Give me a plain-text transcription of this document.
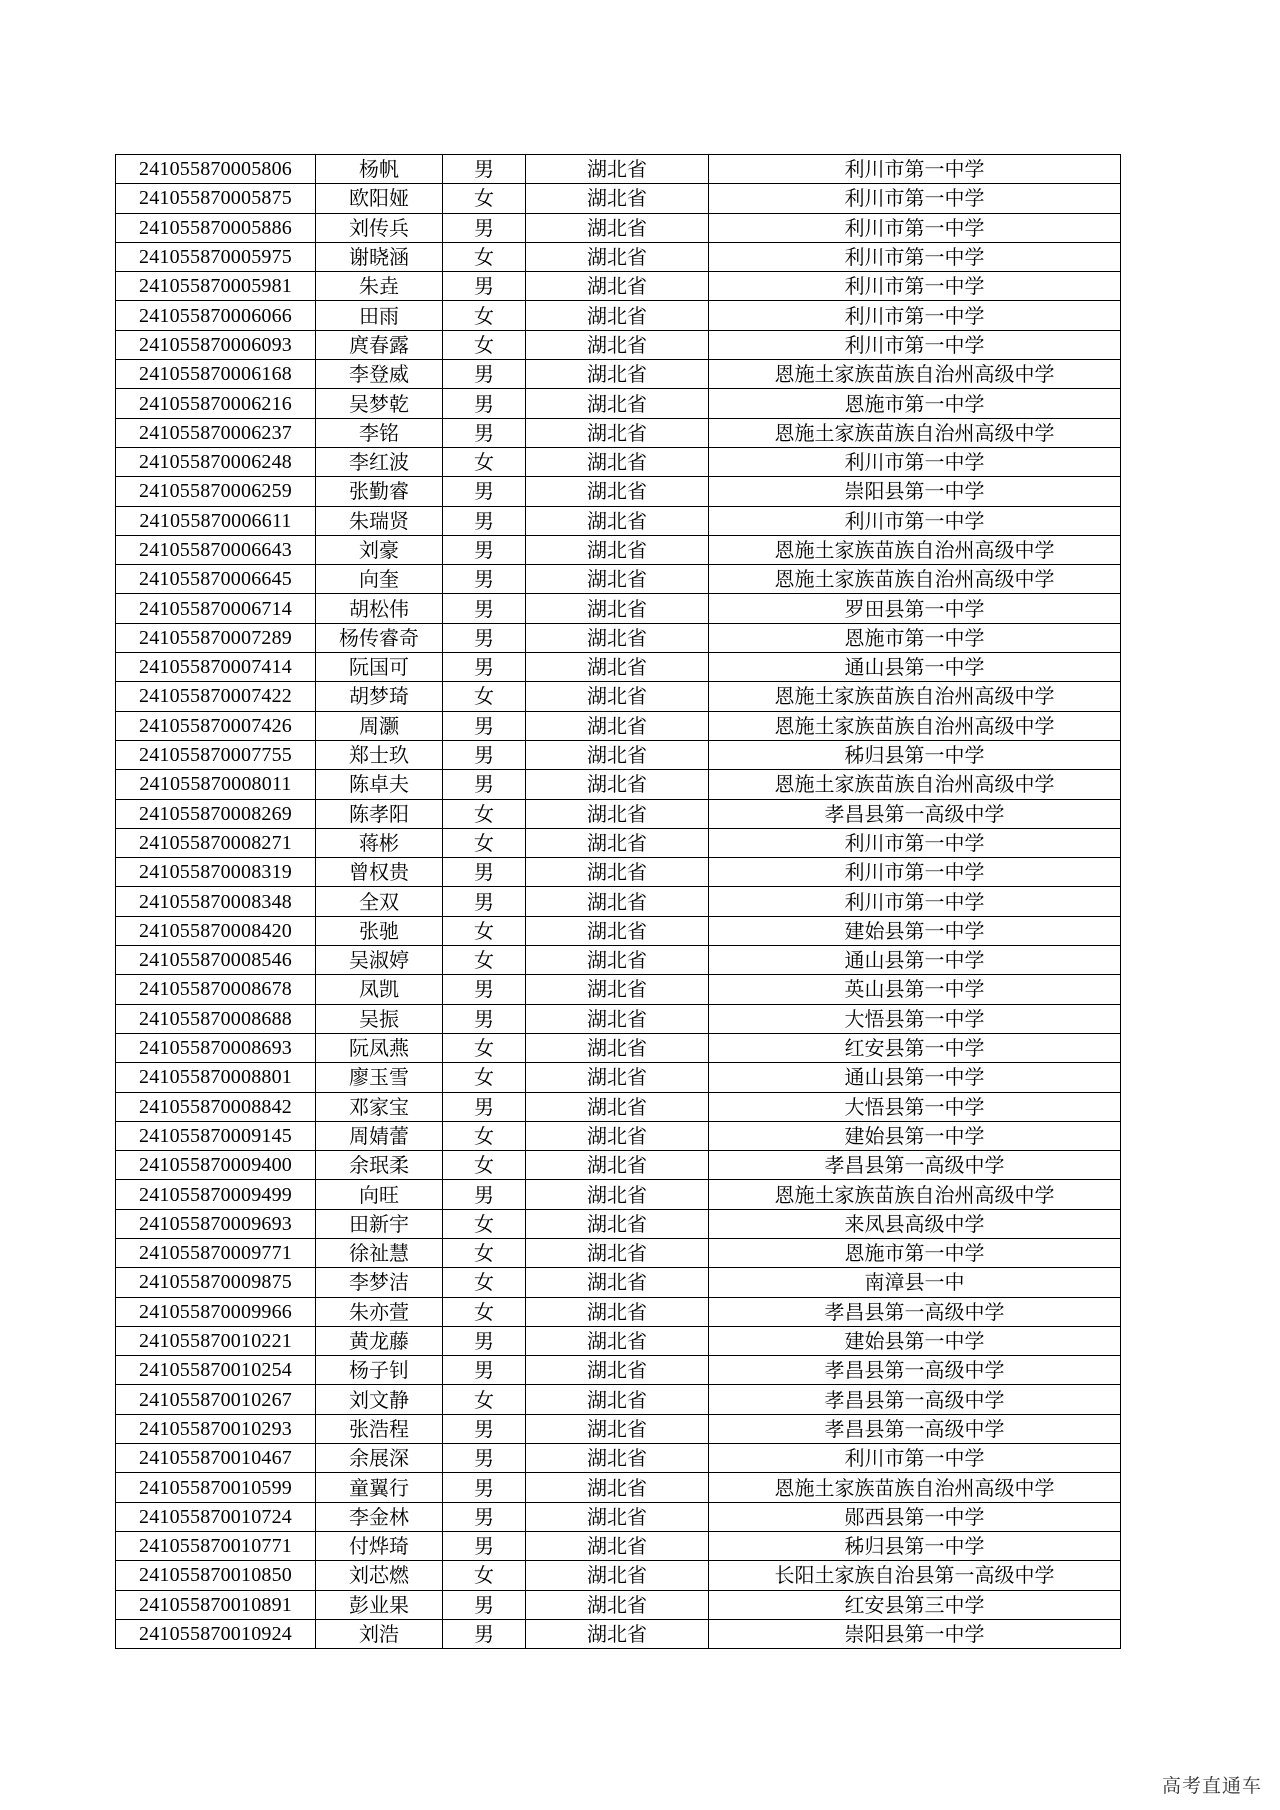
241055870005806	杨帆	男	湖北省	利川市第一中学
241055870005875	欧阳娅	女	湖北省	利川市第一中学
241055870005886	刘传兵	男	湖北省	利川市第一中学
241055870005975	谢晓涵	女	湖北省	利川市第一中学
241055870005981	朱垚	男	湖北省	利川市第一中学
241055870006066	田雨	女	湖北省	利川市第一中学
241055870006093	庹春露	女	湖北省	利川市第一中学
241055870006168	李登威	男	湖北省	恩施土家族苗族自治州高级中学
241055870006216	吴梦乾	男	湖北省	恩施市第一中学
241055870006237	李铭	男	湖北省	恩施土家族苗族自治州高级中学
241055870006248	李红波	女	湖北省	利川市第一中学
241055870006259	张勤睿	男	湖北省	崇阳县第一中学
241055870006611	朱瑞贤	男	湖北省	利川市第一中学
241055870006643	刘豪	男	湖北省	恩施土家族苗族自治州高级中学
241055870006645	向奎	男	湖北省	恩施土家族苗族自治州高级中学
241055870006714	胡松伟	男	湖北省	罗田县第一中学
241055870007289	杨传睿奇	男	湖北省	恩施市第一中学
241055870007414	阮国可	男	湖北省	通山县第一中学
241055870007422	胡梦琦	女	湖北省	恩施土家族苗族自治州高级中学
241055870007426	周灏	男	湖北省	恩施土家族苗族自治州高级中学
241055870007755	郑士玖	男	湖北省	秭归县第一中学
241055870008011	陈卓夫	男	湖北省	恩施土家族苗族自治州高级中学
241055870008269	陈孝阳	女	湖北省	孝昌县第一高级中学
241055870008271	蒋彬	女	湖北省	利川市第一中学
241055870008319	曾权贵	男	湖北省	利川市第一中学
241055870008348	全双	男	湖北省	利川市第一中学
241055870008420	张驰	女	湖北省	建始县第一中学
241055870008546	吴淑婷	女	湖北省	通山县第一中学
241055870008678	凤凯	男	湖北省	英山县第一中学
241055870008688	吴振	男	湖北省	大悟县第一中学
241055870008693	阮凤燕	女	湖北省	红安县第一中学
241055870008801	廖玉雪	女	湖北省	通山县第一中学
241055870008842	邓家宝	男	湖北省	大悟县第一中学
241055870009145	周婧蕾	女	湖北省	建始县第一中学
241055870009400	余珉柔	女	湖北省	孝昌县第一高级中学
241055870009499	向旺	男	湖北省	恩施土家族苗族自治州高级中学
241055870009693	田新宇	女	湖北省	来凤县高级中学
241055870009771	徐祉慧	女	湖北省	恩施市第一中学
241055870009875	李梦洁	女	湖北省	南漳县一中
241055870009966	朱亦萱	女	湖北省	孝昌县第一高级中学
241055870010221	黄龙藤	男	湖北省	建始县第一中学
241055870010254	杨子钊	男	湖北省	孝昌县第一高级中学
241055870010267	刘文静	女	湖北省	孝昌县第一高级中学
241055870010293	张浩程	男	湖北省	孝昌县第一高级中学
241055870010467	余展深	男	湖北省	利川市第一中学
241055870010599	童翼行	男	湖北省	恩施土家族苗族自治州高级中学
241055870010724	李金林	男	湖北省	郧西县第一中学
241055870010771	付烨琦	男	湖北省	秭归县第一中学
241055870010850	刘芯燃	女	湖北省	长阳土家族自治县第一高级中学
241055870010891	彭业果	男	湖北省	红安县第三中学
241055870010924	刘浩	男	湖北省	崇阳县第一中学
高考直通车
